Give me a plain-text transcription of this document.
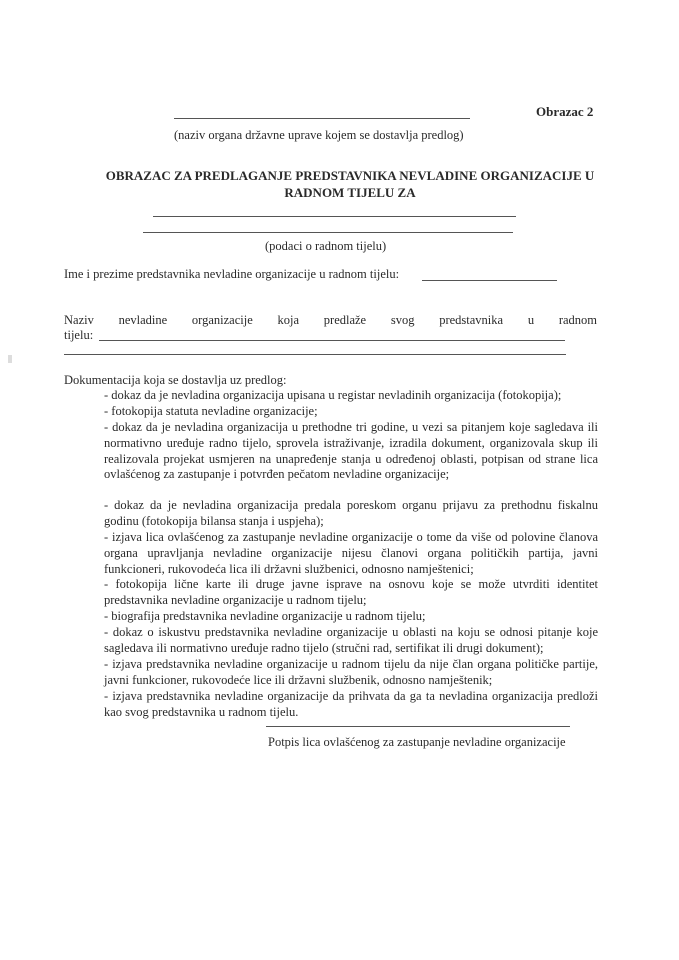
Obrazac 2
(naziv organa državne uprave kojem se dostavlja predlog)
OBRAZAC ZA PREDLAGANJE PREDSTAVNIKA NEVLADINE ORGANIZACIJE U
RADNOM TIJELU ZA
(podaci o radnom tijelu)
Ime i prezime predstavnika nevladine organizacije u radnom tijelu:
Naziv nevladine organizacije koja predlaže svog predstavnika u radnom
tijelu:
Dokumentacija koja se dostavlja uz predlog:
- dokaz da je nevladina organizacija upisana u registar nevladinih organizacija (fotokopija);
- fotokopija statuta nevladine organizacije;
- dokaz da je nevladina organizacija u prethodne tri godine, u vezi sa pitanjem koje sagledava ili normativno uređuje radno tijelo, sprovela istraživanje, izradila dokument, organizovala skup ili realizovala projekat usmjeren na unapređenje stanja u određenoj oblasti, potpisan od strane lica ovlašćenog za zastupanje i potvrđen pečatom nevladine organizacije;
- dokaz da je nevladina organizacija predala poreskom organu prijavu za prethodnu fiskalnu godinu (fotokopija bilansa stanja i uspjeha);
- izjava lica ovlašćenog za zastupanje nevladine organizacije o tome da više od polovine članova organa upravljanja nevladine organizacije nijesu članovi organa političkih partija, javni funkcioneri, rukovodeća lica ili državni službenici, odnosno namještenici;
- fotokopija lične karte ili druge javne isprave na osnovu koje se može utvrditi identitet predstavnika nevladine organizacije u radnom tijelu;
- biografija predstavnika nevladine organizacije u radnom tijelu;
- dokaz o iskustvu predstavnika nevladine organizacije u oblasti na koju se odnosi pitanje koje sagledava ili normativno uređuje radno tijelo (stručni rad, sertifikat ili drugi dokument);
- izjava predstavnika nevladine organizacije u radnom tijelu da nije član organa političke partije, javni funkcioner, rukovodeće lice ili državni službenik, odnosno namještenik;
- izjava predstavnika nevladine organizacije da prihvata da ga ta nevladina organizacija predloži kao svog predstavnika u radnom tijelu.
Potpis lica ovlašćenog za zastupanje nevladine organizacije
